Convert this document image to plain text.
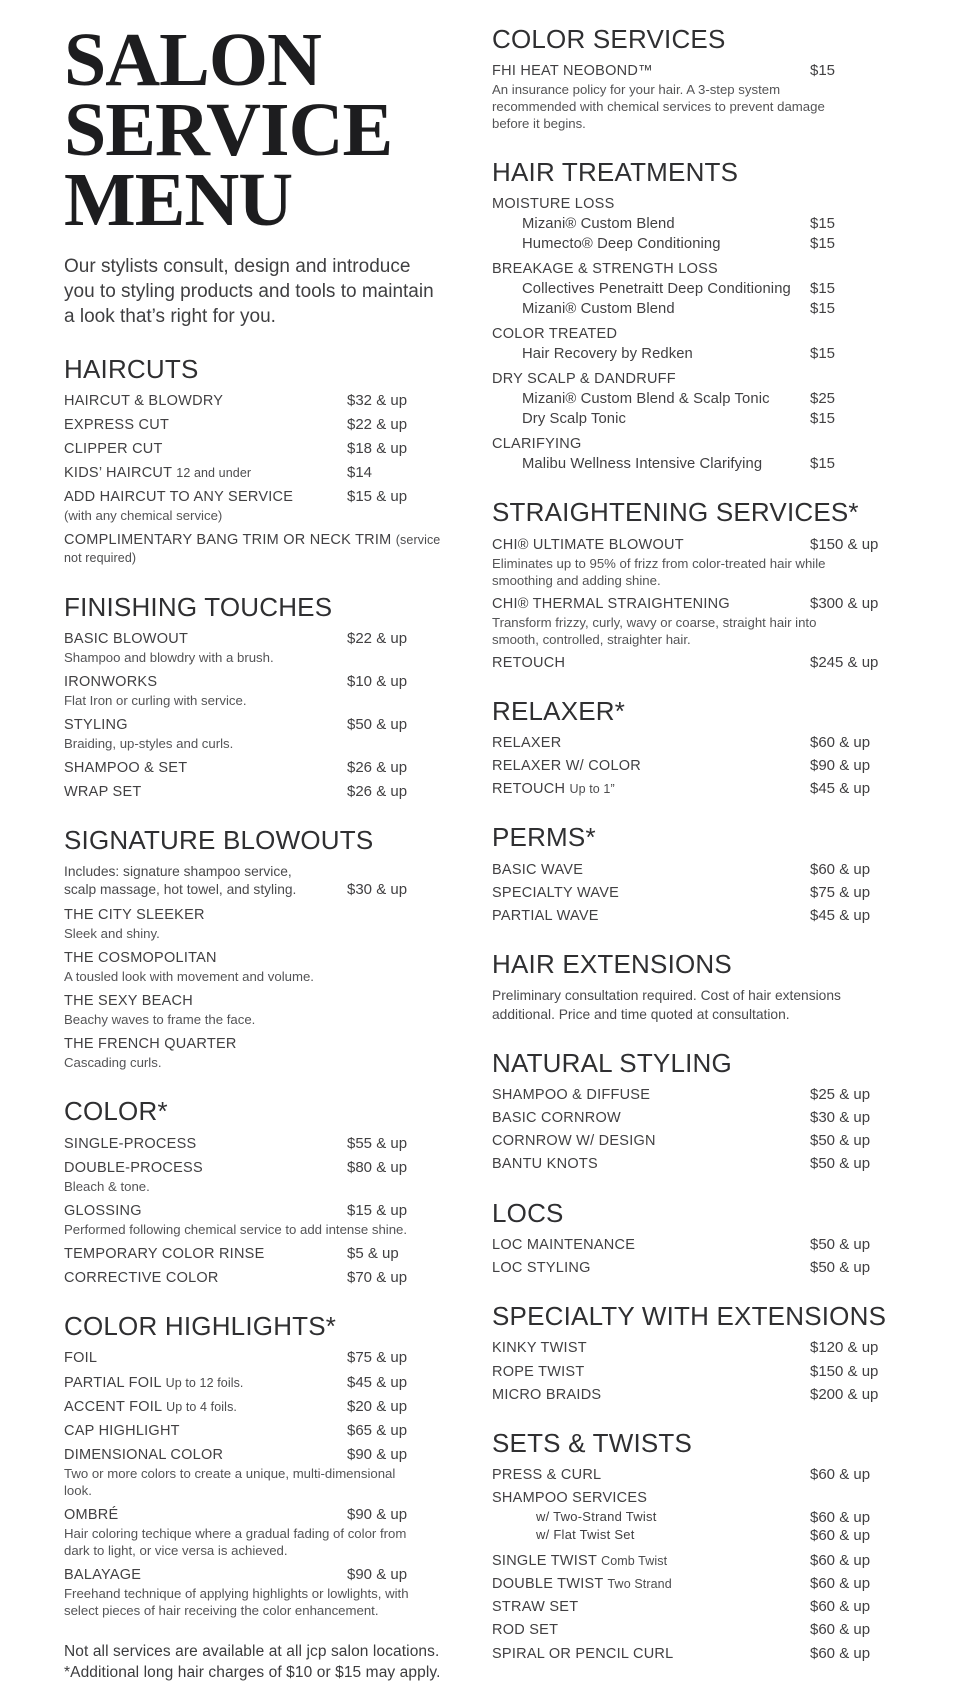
SALON
SERVICE
MENU

Our stylists consult, design and introduce you to styling products and tools to maintain a look that’s right for you.

HAIRCUTS
HAIRCUT & BLOWDRY	$32 & up
EXPRESS CUT	$22 & up
CLIPPER CUT	$18 & up
KIDS’ HAIRCUT 12 and under	$14
ADD HAIRCUT TO ANY SERVICE	$15 & up
(with any chemical service)
COMPLIMENTARY BANG TRIM OR NECK TRIM (service not required)
FINISHING TOUCHES
BASIC BLOWOUT	$22 & up
Shampoo and blowdry with a brush.
IRONWORKS	$10 & up
Flat Iron or curling with service.
STYLING	$50 & up
Braiding, up-styles and curls.
SHAMPOO & SET	$26 & up
WRAP SET	$26 & up
SIGNATURE BLOWOUTS
Includes: signature shampoo service,
scalp massage, hot towel, and styling.	$30 & up
THE CITY SLEEKER
Sleek and shiny.
THE COSMOPOLITAN
A tousled look with movement and volume.
THE SEXY BEACH
Beachy waves to frame the face.
THE FRENCH QUARTER
Cascading curls.
COLOR*
SINGLE-PROCESS	$55 & up
DOUBLE-PROCESS	$80 & up
Bleach & tone.
GLOSSING	$15 & up
Performed following chemical service to add intense shine.
TEMPORARY COLOR RINSE	$5 & up
CORRECTIVE COLOR	$70 & up
COLOR HIGHLIGHTS*
FOIL	$75 & up
PARTIAL FOIL Up to 12 foils.	$45 & up
ACCENT FOIL Up to 4 foils.	$20 & up
CAP HIGHLIGHT	$65 & up
DIMENSIONAL COLOR	$90 & up
Two or more colors to create a unique, multi-dimensional look.
OMBRÉ	$90 & up
Hair coloring techique where a gradual fading of color from dark to light, or vice versa is achieved.
BALAYAGE	$90 & up
Freehand technique of applying highlights or lowlights, with select pieces of hair receiving the color enhancement.
Not all services are available at all jcp salon locations.
*Additional long hair charges of $10 or $15 may apply.
COLOR SERVICES
FHI HEAT NEOBOND™	$15
An insurance policy for your hair. A 3-step system recommended with chemical services to prevent damage before it begins.
HAIR TREATMENTS
MOISTURE LOSS
Mizani® Custom Blend	$15
Humecto® Deep Conditioning	$15
BREAKAGE & STRENGTH LOSS
Collectives Penetraitt Deep Conditioning	$15
Mizani® Custom Blend	$15
COLOR TREATED
Hair Recovery by Redken	$15
DRY SCALP & DANDRUFF
Mizani® Custom Blend & Scalp Tonic	$25
Dry Scalp Tonic	$15
CLARIFYING
Malibu Wellness Intensive Clarifying	$15
STRAIGHTENING SERVICES*
CHI® ULTIMATE BLOWOUT	$150 & up
Eliminates up to 95% of frizz from color-treated hair while smoothing and adding shine.
CHI® THERMAL STRAIGHTENING	$300 & up
Transform frizzy, curly, wavy or coarse, straight hair into smooth, controlled, straighter hair.
RETOUCH	$245 & up
RELAXER*
RELAXER	$60 & up
RELAXER W/ COLOR	$90 & up
RETOUCH Up to 1”	$45 & up
PERMS*
BASIC WAVE	$60 & up
SPECIALTY WAVE	$75 & up
PARTIAL WAVE	$45 & up
HAIR EXTENSIONS

Preliminary consultation required. Cost of hair extensions additional. Price and time quoted at consultation.

NATURAL STYLING
SHAMPOO & DIFFUSE	$25 & up
BASIC CORNROW	$30 & up
CORNROW W/ DESIGN	$50 & up
BANTU KNOTS	$50 & up
LOCS
LOC MAINTENANCE	$50 & up
LOC STYLING	$50 & up
SPECIALTY WITH EXTENSIONS
KINKY TWIST	$120 & up
ROPE TWIST	$150 & up
MICRO BRAIDS	$200 & up
SETS & TWISTS
PRESS & CURL	$60 & up
SHAMPOO SERVICES
w/ Two-Strand Twist	$60 & up
w/ Flat Twist Set	$60 & up
SINGLE TWIST Comb Twist	$60 & up
DOUBLE TWIST Two Strand	$60 & up
STRAW SET	$60 & up
ROD SET	$60 & up
SPIRAL OR PENCIL CURL	$60 & up
